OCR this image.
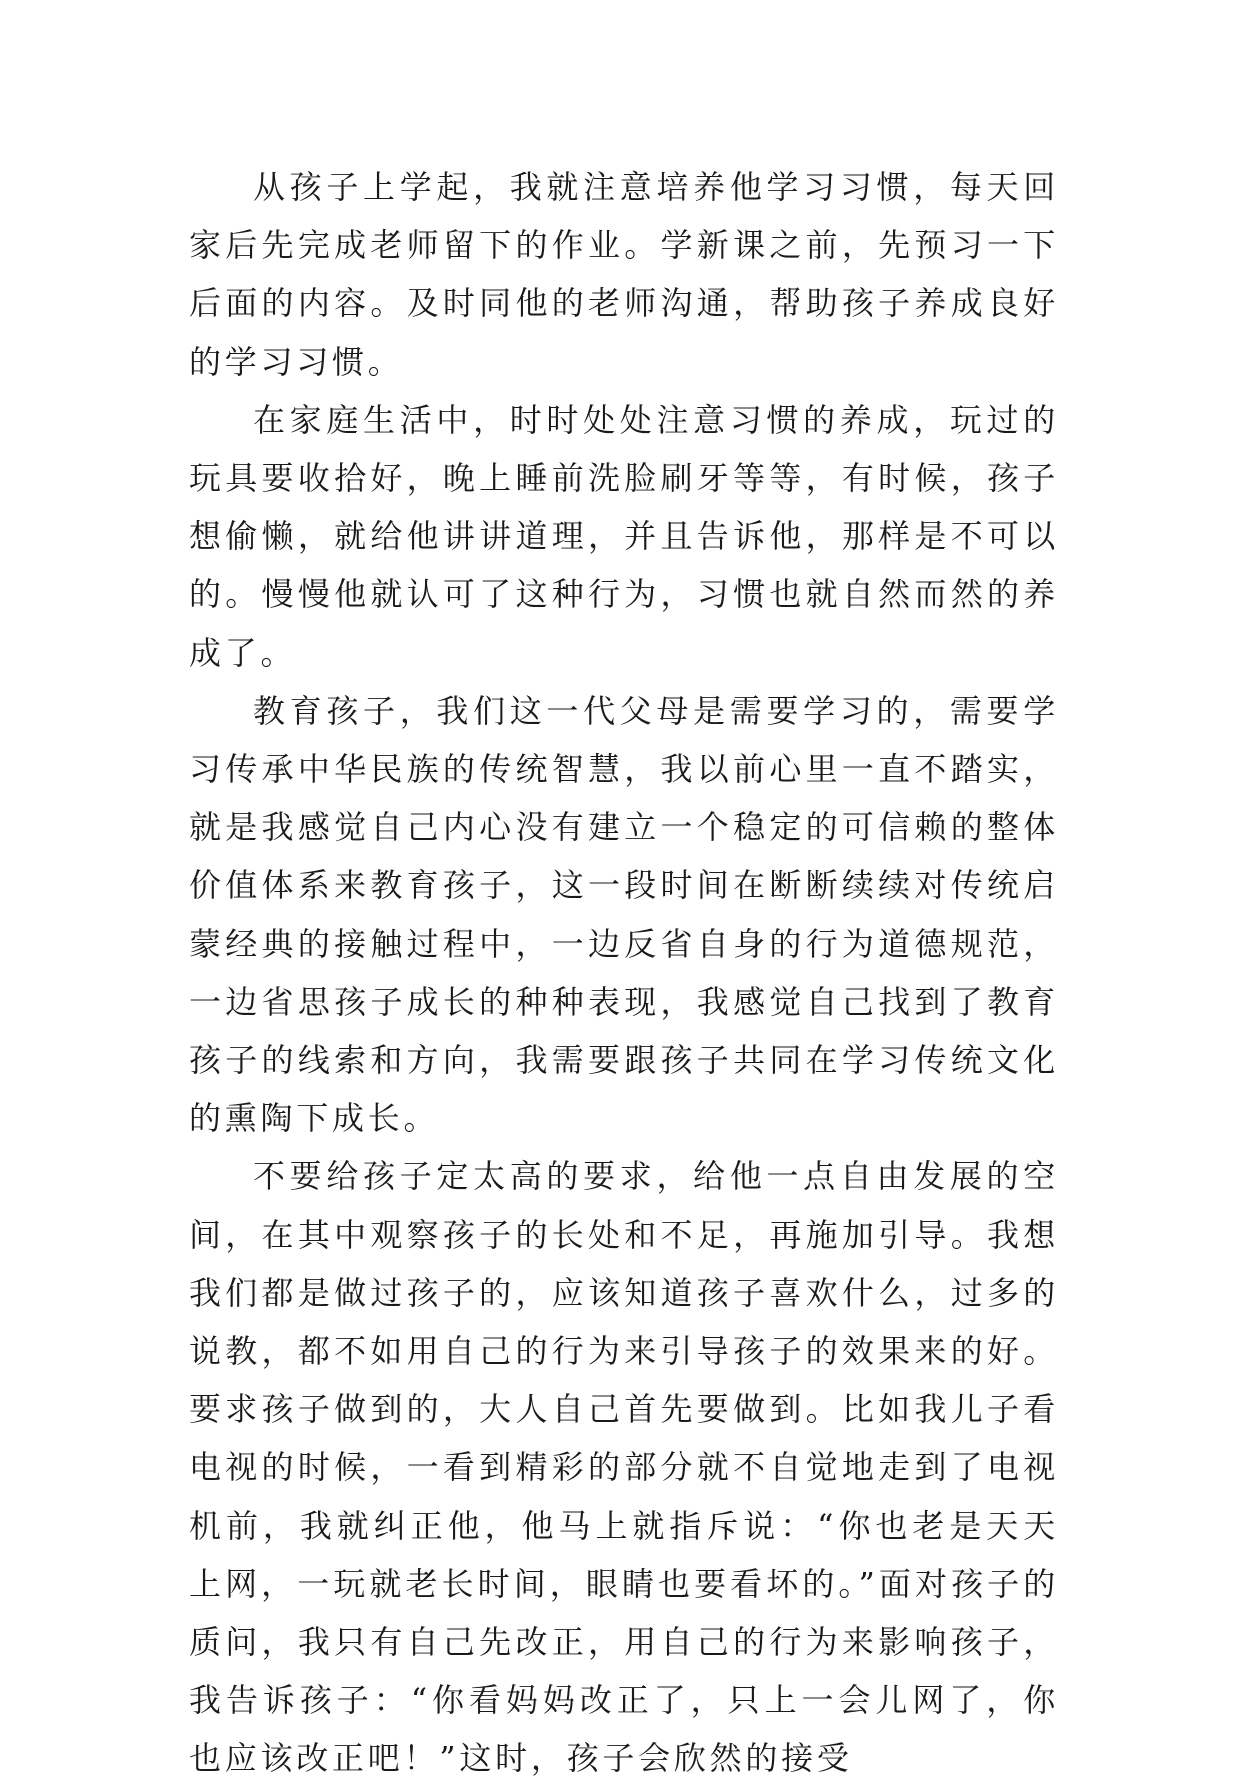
从孩子上学起，我就注意培养他学习习惯，每天回家后先完成老师留下的作业。学新课之前，先预习一下后面的内容。及时同他的老师沟通，帮助孩子养成良好的学习习惯。

在家庭生活中，时时处处注意习惯的养成，玩过的玩具要收拾好，晚上睡前洗脸刷牙等等，有时候，孩子想偷懒，就给他讲讲道理，并且告诉他，那样是不可以的。慢慢他就认可了这种行为，习惯也就自然而然的养成了。

教育孩子，我们这一代父母是需要学习的，需要学习传承中华民族的传统智慧，我以前心里一直不踏实，就是我感觉自己内心没有建立一个稳定的可信赖的整体价值体系来教育孩子，这一段时间在断断续续对传统启蒙经典的接触过程中，一边反省自身的行为道德规范，一边省思孩子成长的种种表现，我感觉自己找到了教育孩子的线索和方向，我需要跟孩子共同在学习传统文化的熏陶下成长。

不要给孩子定太高的要求，给他一点自由发展的空间，在其中观察孩子的长处和不足，再施加引导。我想我们都是做过孩子的，应该知道孩子喜欢什么，过多的说教，都不如用自己的行为来引导孩子的效果来的好。要求孩子做到的，大人自己首先要做到。比如我儿子看电视的时候，一看到精彩的部分就不自觉地走到了电视机前，我就纠正他，他马上就指斥说：“你也老是天天上网，一玩就老长时间，眼睛也要看坏的。”面对孩子的质问，我只有自己先改正，用自己的行为来影响孩子，我告诉孩子：“你看妈妈改正了，只上一会儿网了，你也应该改正吧！”这时，孩子会欣然的接受
